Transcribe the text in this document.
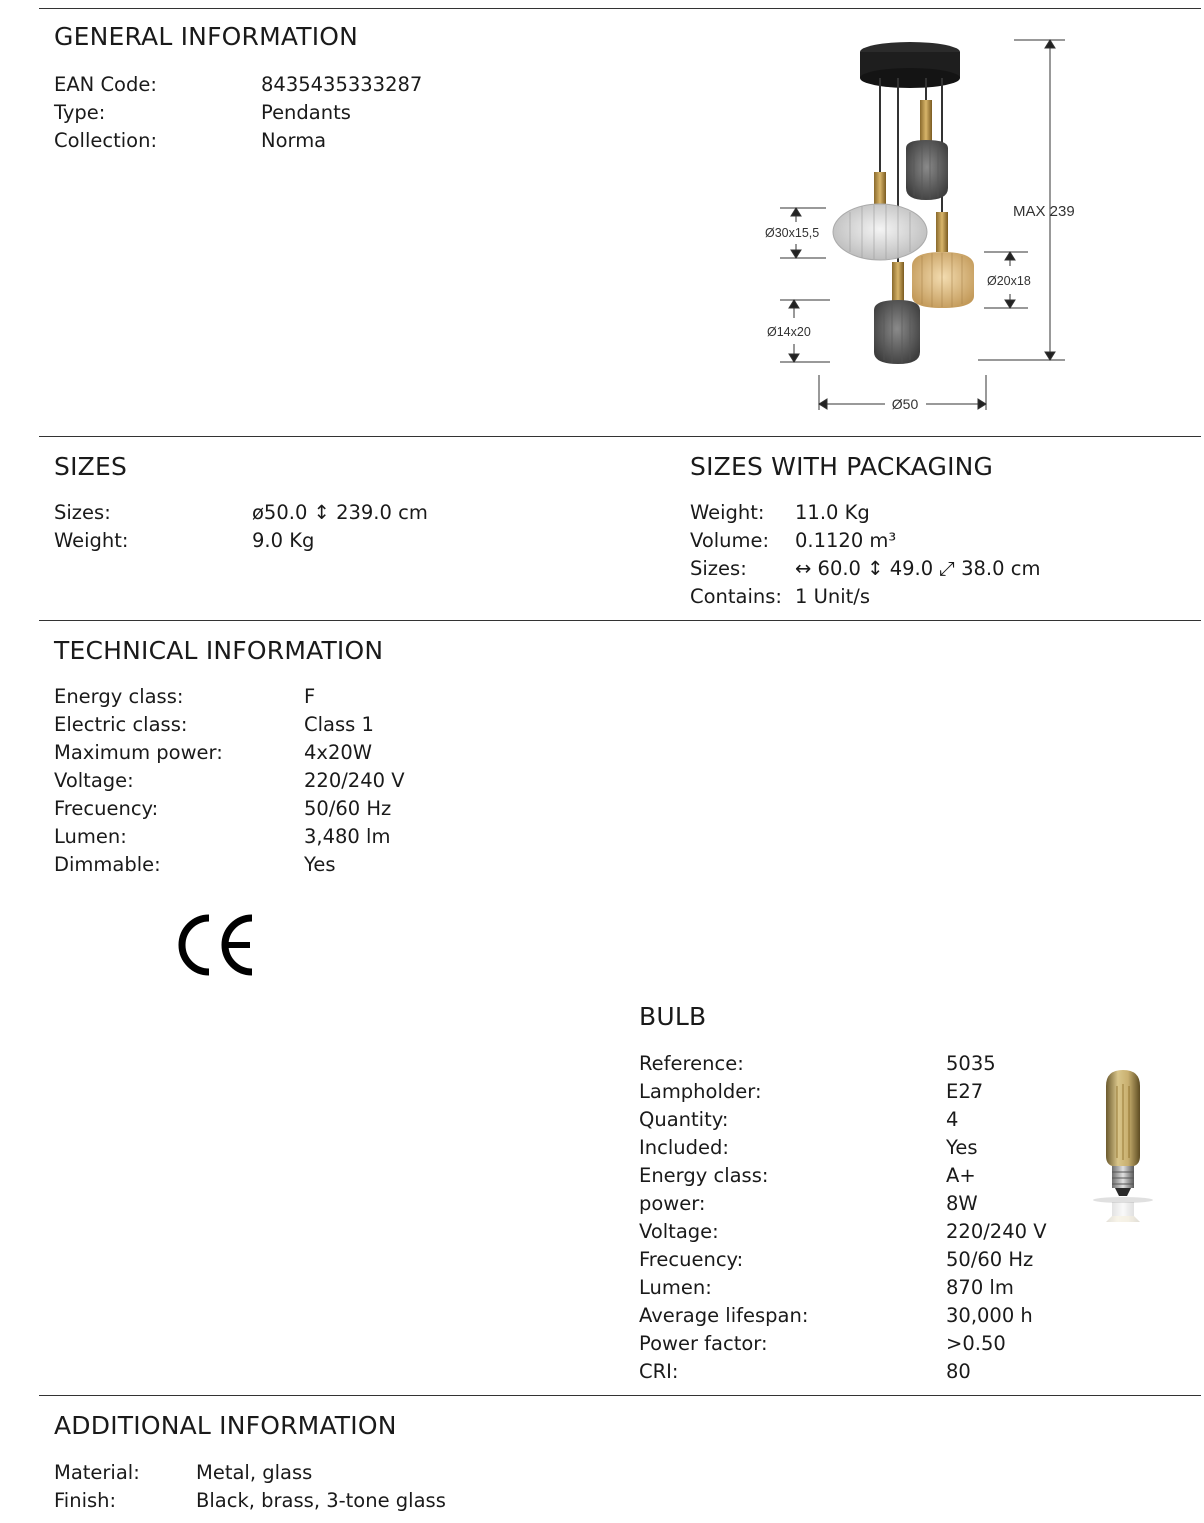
GENERAL INFORMATION
EAN Code:	8435435333287
Type:	Pendants
Collection:	Norma
MAX 239
Ø50
Ø30x15,5
Ø20x18
Ø14x20
SIZES
Sizes:	ø50.0 ↕ 239.0 cm
Weight:	9.0 Kg
SIZES WITH PACKAGING
Weight: 11.0 Kg
Volume: 0.1120 m³
Sizes: ↔ 60.0 ↕ 49.0 ⤢ 38.0 cm
Contains: 1 Unit/s
TECHNICAL INFORMATION
Energy class:	F
Electric class:	Class 1
Maximum power:	4x20W
Voltage:	220/240 V
Frecuency:	50/60 Hz
Lumen:	3,480 lm
Dimmable:	Yes
BULB
Reference:	5035
Lampholder:	E27
Quantity:	4
Included:	Yes
Energy class:	A+
power:	8W
Voltage:	220/240 V
Frecuency:	50/60 Hz
Lumen:	870 lm
Average lifespan:	30,000 h
Power factor:	>0.50
CRI:	80
ADDITIONAL INFORMATION
Material:	Metal, glass
Finish:	Black, brass, 3-tone glass
